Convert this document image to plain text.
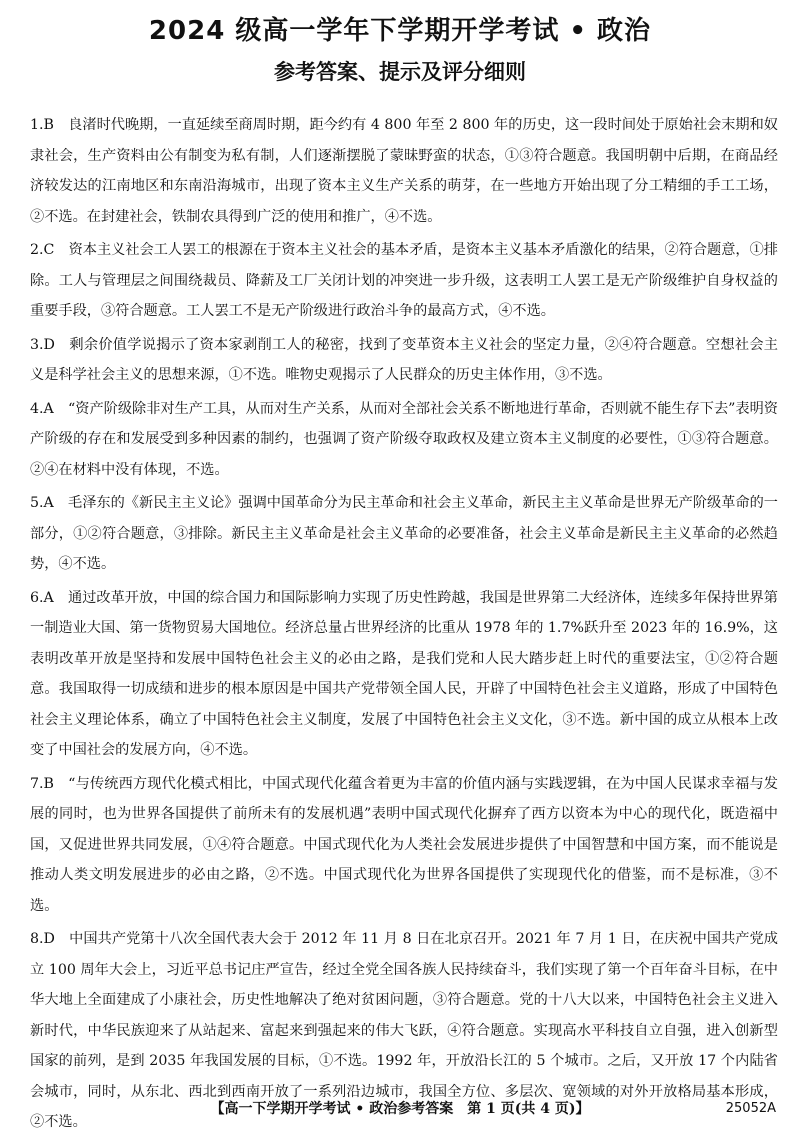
2024 级高一学年下学期开学考试 • 政治
参考答案、提示及评分细则

1.B  良渚时代晚期，一直延续至商周时期，距今约有 4 800 年至 2 800 年的历史，这一段时间处于原始社会末期和奴隶社会，生产资料由公有制变为私有制，人们逐渐摆脱了蒙昧野蛮的状态，①③符合题意。我国明朝中后期，在商品经济较发达的江南地区和东南沿海城市，出现了资本主义生产关系的萌芽，在一些地方开始出现了分工精细的手工工场，②不选。在封建社会，铁制农具得到广泛的使用和推广，④不选。

2.C  资本主义社会工人罢工的根源在于资本主义社会的基本矛盾，是资本主义基本矛盾激化的结果，②符合题意，①排除。工人与管理层之间围绕裁员、降薪及工厂关闭计划的冲突进一步升级，这表明工人罢工是无产阶级维护自身权益的重要手段，③符合题意。工人罢工不是无产阶级进行政治斗争的最高方式，④不选。

3.D  剩余价值学说揭示了资本家剥削工人的秘密，找到了变革资本主义社会的坚定力量，②④符合题意。空想社会主义是科学社会主义的思想来源，①不选。唯物史观揭示了人民群众的历史主体作用，③不选。

4.A  “资产阶级除非对生产工具，从而对生产关系，从而对全部社会关系不断地进行革命，否则就不能生存下去”表明资产阶级的存在和发展受到多种因素的制约，也强调了资产阶级夺取政权及建立资本主义制度的必要性，①③符合题意。②④在材料中没有体现，不选。

5.A  毛泽东的《新民主主义论》强调中国革命分为民主革命和社会主义革命，新民主主义革命是世界无产阶级革命的一部分，①②符合题意，③排除。新民主主义革命是社会主义革命的必要准备，社会主义革命是新民主主义革命的必然趋势，④不选。

6.A  通过改革开放，中国的综合国力和国际影响力实现了历史性跨越，我国是世界第二大经济体，连续多年保持世界第一制造业大国、第一货物贸易大国地位。经济总量占世界经济的比重从 1978 年的 1.7%跃升至 2023 年的 16.9%，这表明改革开放是坚持和发展中国特色社会主义的必由之路，是我们党和人民大踏步赶上时代的重要法宝，①②符合题意。我国取得一切成绩和进步的根本原因是中国共产党带领全国人民，开辟了中国特色社会主义道路，形成了中国特色社会主义理论体系，确立了中国特色社会主义制度，发展了中国特色社会主义文化，③不选。新中国的成立从根本上改变了中国社会的发展方向，④不选。

7.B  “与传统西方现代化模式相比，中国式现代化蕴含着更为丰富的价值内涵与实践逻辑，在为中国人民谋求幸福与发展的同时，也为世界各国提供了前所未有的发展机遇”表明中国式现代化摒弃了西方以资本为中心的现代化，既造福中国，又促进世界共同发展，①④符合题意。中国式现代化为人类社会发展进步提供了中国智慧和中国方案，而不能说是推动人类文明发展进步的必由之路，②不选。中国式现代化为世界各国提供了实现现代化的借鉴，而不是标准，③不选。

8.D  中国共产党第十八次全国代表大会于 2012 年 11 月 8 日在北京召开。2021 年 7 月 1 日，在庆祝中国共产党成立 100 周年大会上，习近平总书记庄严宣告，经过全党全国各族人民持续奋斗，我们实现了第一个百年奋斗目标，在中华大地上全面建成了小康社会，历史性地解决了绝对贫困问题，③符合题意。党的十八大以来，中国特色社会主义进入新时代，中华民族迎来了从站起来、富起来到强起来的伟大飞跃，④符合题意。实现高水平科技自立自强，进入创新型国家的前列，是到 2035 年我国发展的目标，①不选。1992 年，开放沿长江的 5 个城市。之后，又开放 17 个内陆省会城市，同时，从东北、西北到西南开放了一系列沿边城市，我国全方位、多层次、宽领域的对外开放格局基本形成，②不选。

【高一下学期开学考试 • 政治参考答案　第 1 页(共 4 页)】	25052A
